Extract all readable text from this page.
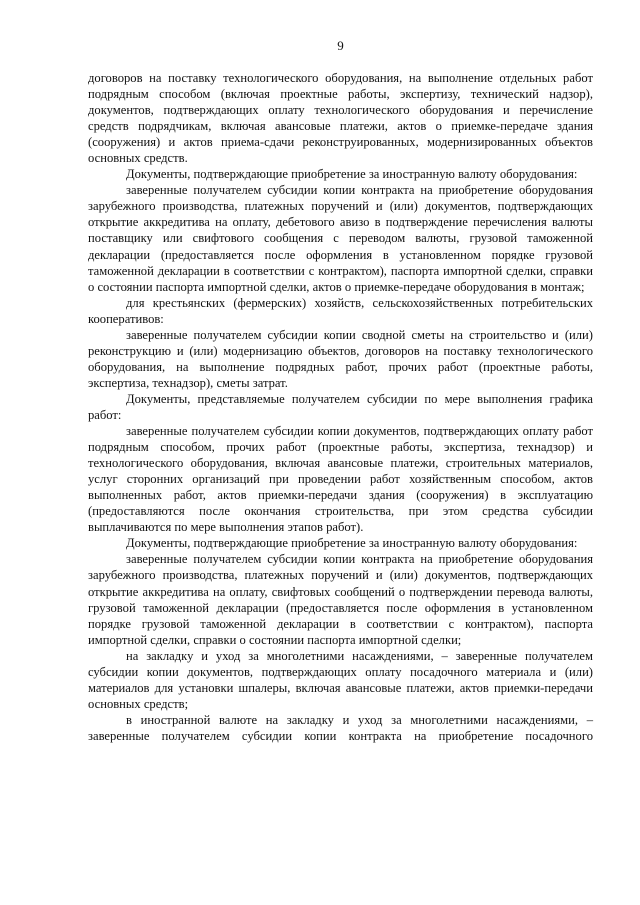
9

договоров на поставку технологического оборудования, на выполнение отдельных работ подрядным способом (включая проектные работы, экспертизу, технический надзор), документов, подтверждающих оплату технологического оборудования и перечисление средств подрядчикам, включая авансовые платежи, актов о приемке-передаче здания (сооружения) и актов приема-сдачи реконструированных, модернизированных объектов основных средств.

Документы, подтверждающие приобретение за иностранную валюту оборудования:

заверенные получателем субсидии копии контракта на приобретение оборудования зарубежного производства, платежных поручений и (или) документов, подтверждающих открытие аккредитива на оплату, дебетового авизо в подтверждение перечисления валюты поставщику или свифтового сообщения с переводом валюты, грузовой таможенной декларации (предоставляется после оформления в установленном порядке грузовой таможенной декларации в соответствии с контрактом), паспорта импортной сделки, справки о состоянии паспорта импортной сделки, актов о приемке-передаче оборудования в монтаж;

для крестьянских (фермерских) хозяйств, сельскохозяйственных потребительских кооперативов:

заверенные получателем субсидии копии сводной сметы на строительство и (или) реконструкцию и (или) модернизацию объектов, договоров на поставку технологического оборудования, на выполнение подрядных работ, прочих работ (проектные работы, экспертиза, технадзор), сметы затрат.

Документы, представляемые получателем субсидии по мере выполнения графика работ:

заверенные получателем субсидии копии документов, подтверждающих оплату работ подрядным способом, прочих работ (проектные работы, экспертиза, технадзор) и технологического оборудования, включая авансовые платежи, строительных материалов, услуг сторонних организаций при проведении работ хозяйственным способом, актов выполненных работ, актов приемки-передачи здания (сооружения) в эксплуатацию (предоставляются после окончания строительства, при этом средства субсидии выплачиваются по мере выполнения этапов работ).

Документы, подтверждающие приобретение за иностранную валюту оборудования:

заверенные получателем субсидии копии контракта на приобретение оборудования зарубежного производства, платежных поручений и (или) документов, подтверждающих открытие аккредитива на оплату, свифтовых сообщений о подтверждении перевода валюты, грузовой таможенной декларации (предоставляется после оформления в установленном порядке грузовой таможенной декларации в соответствии с контрактом), паспорта импортной сделки, справки о состоянии паспорта импортной сделки;

на закладку и уход за многолетними насаждениями, – заверенные получателем субсидии копии документов, подтверждающих оплату посадочного материала и (или) материалов для установки шпалеры, включая авансовые платежи, актов приемки-передачи основных средств;

в иностранной валюте на закладку и уход за многолетними насаждениями, – заверенные получателем субсидии копии контракта на приобретение посадочного
